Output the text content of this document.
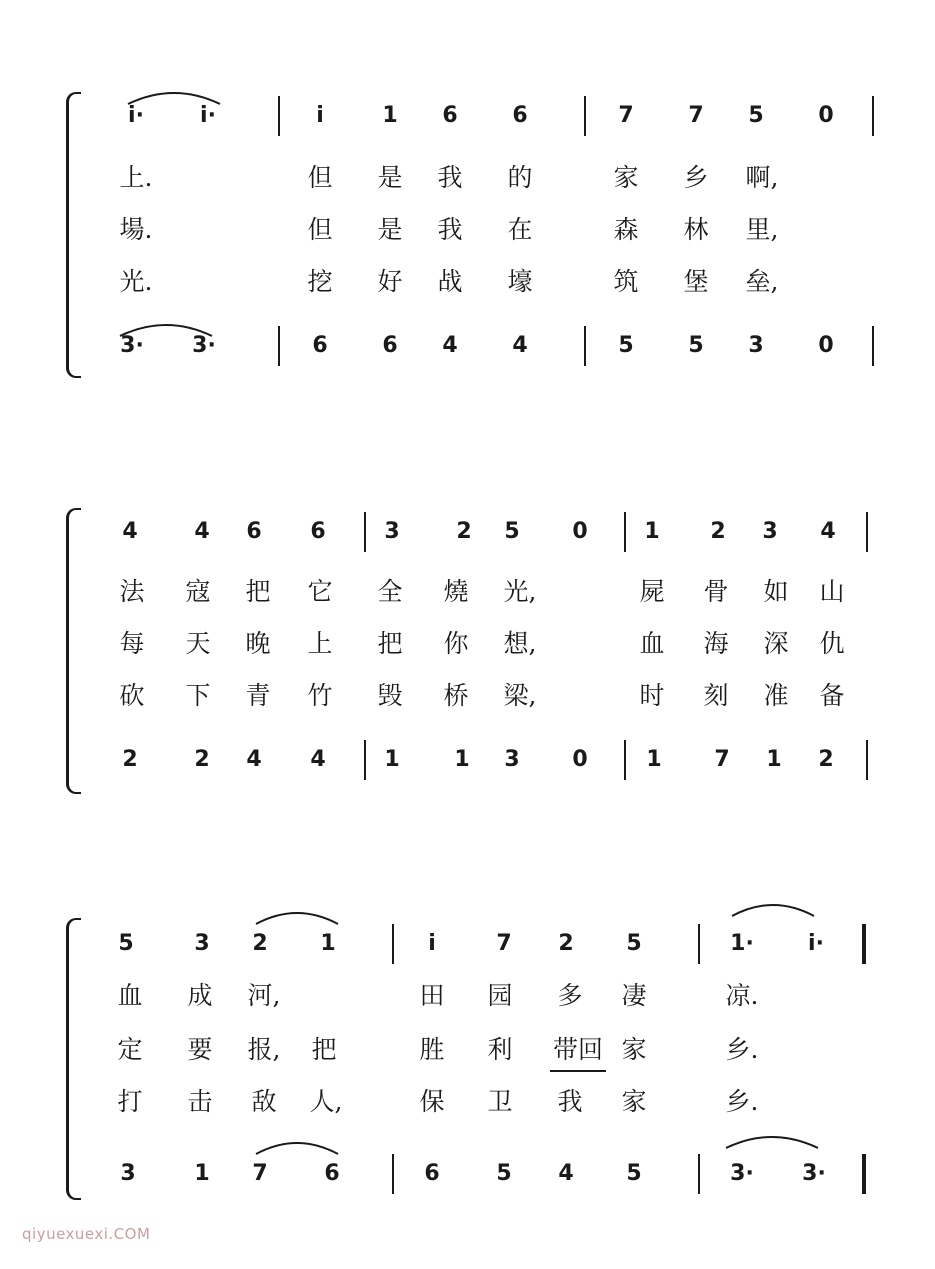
i·	i·	i	1	6	6	7	7	5	0
上.	但	是	我	的	家	乡	啊,
場.	但	是	我	在	森	林	里,
光.	挖	好	战	壕	筑	堡	垒,
3· 3·	6	6	4	4	5	5	3	0
4	4	6	6	3	2	5	0	1	2	3	4
法	寇	把	它	全	燒	光,	屍	骨	如	山
每	天	晚	上	把	你	想,	血	海	深	仇
砍	下	青	竹	毁	桥	梁,	时	刻	准	备
2	2	4	4	1	1	3	0	1	7	1	2
5	3	2	1	i	7	2	5	1·	i·
血	成	河,	田	园	多	凄	凉.
定	要	报, 把	胜	利	带回 家	乡.
打	击	敌	人,	保	卫	我	家	乡.
3	1	7	6	6	5	4	5	3· 3·
qiyuexuexi.COM
